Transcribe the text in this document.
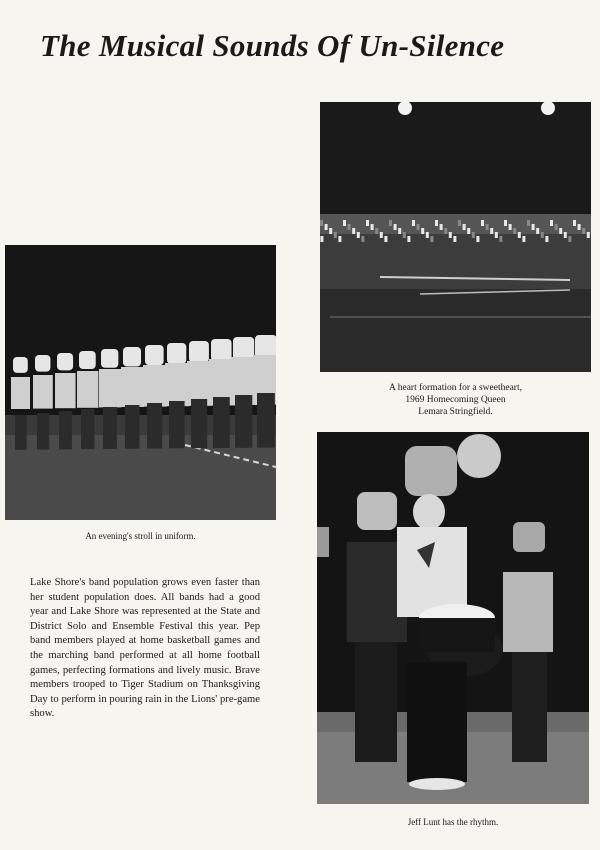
The Musical Sounds Of Un-Silence
An evening's stroll in uniform.
A heart formation for a sweetheart,
1969 Homecoming Queen
Lemara Stringfield.
Jeff Lunt has the rhythm.

Lake Shore's band population grows even faster than her student population does. All bands had a good year and Lake Shore was represented at the State and District Solo and Ensemble Festival this year. Pep band members played at home basketball games and the marching band performed at all home football games, perfecting formations and lively music. Brave members trooped to Tiger Stadium on Thanksgiving Day to perform in pouring rain in the Lions' pre-game show.
